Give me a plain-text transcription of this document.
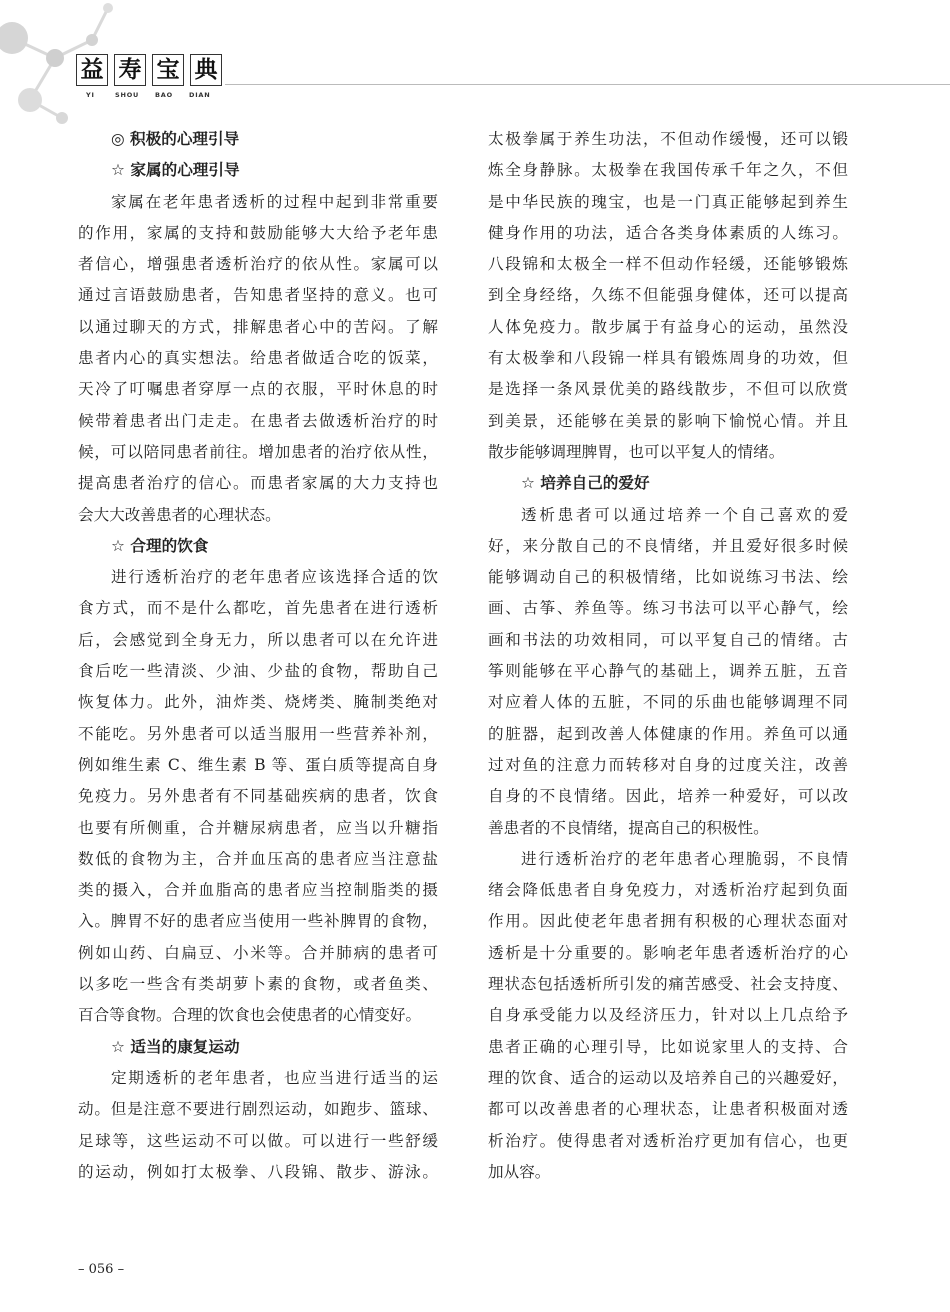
益 寿 宝 典
YI	SHOU BAO DIAN
◎ 积极的心理引导
☆ 家属的心理引导
家属在老年患者透析的过程中起到非常重要
的作用，家属的支持和鼓励能够大大给予老年患
者信心，增强患者透析治疗的依从性。家属可以
通过言语鼓励患者，告知患者坚持的意义。也可
以通过聊天的方式，排解患者心中的苦闷。了解
患者内心的真实想法。给患者做适合吃的饭菜，
天冷了叮嘱患者穿厚一点的衣服，平时休息的时
候带着患者出门走走。在患者去做透析治疗的时
候，可以陪同患者前往。增加患者的治疗依从性，
提高患者治疗的信心。而患者家属的大力支持也
会大大改善患者的心理状态。
☆ 合理的饮食
进行透析治疗的老年患者应该选择合适的饮
食方式，而不是什么都吃，首先患者在进行透析
后，会感觉到全身无力，所以患者可以在允许进
食后吃一些清淡、少油、少盐的食物，帮助自己
恢复体力。此外，油炸类、烧烤类、腌制类绝对
不能吃。另外患者可以适当服用一些营养补剂，
例如维生素 C、维生素 B 等、蛋白质等提高自身
免疫力。另外患者有不同基础疾病的患者，饮食
也要有所侧重，合并糖尿病患者，应当以升糖指
数低的食物为主，合并血压高的患者应当注意盐
类的摄入，合并血脂高的患者应当控制脂类的摄
入。脾胃不好的患者应当使用一些补脾胃的食物，
例如山药、白扁豆、小米等。合并肺病的患者可
以多吃一些含有类胡萝卜素的食物，或者鱼类、
百合等食物。合理的饮食也会使患者的心情变好。
☆ 适当的康复运动
定期透析的老年患者，也应当进行适当的运
动。但是注意不要进行剧烈运动，如跑步、篮球、
足球等，这些运动不可以做。可以进行一些舒缓
的运动，例如打太极拳、八段锦、散步、游泳。
太极拳属于养生功法，不但动作缓慢，还可以锻
炼全身静脉。太极拳在我国传承千年之久，不但
是中华民族的瑰宝，也是一门真正能够起到养生
健身作用的功法，适合各类身体素质的人练习。
八段锦和太极全一样不但动作轻缓，还能够锻炼
到全身经络，久练不但能强身健体，还可以提高
人体免疫力。散步属于有益身心的运动，虽然没
有太极拳和八段锦一样具有锻炼周身的功效，但
是选择一条风景优美的路线散步，不但可以欣赏
到美景，还能够在美景的影响下愉悦心情。并且
散步能够调理脾胃，也可以平复人的情绪。
☆ 培养自己的爱好
透析患者可以通过培养一个自己喜欢的爱
好，来分散自己的不良情绪，并且爱好很多时候
能够调动自己的积极情绪，比如说练习书法、绘
画、古筝、养鱼等。练习书法可以平心静气，绘
画和书法的功效相同，可以平复自己的情绪。古
筝则能够在平心静气的基础上，调养五脏，五音
对应着人体的五脏，不同的乐曲也能够调理不同
的脏器，起到改善人体健康的作用。养鱼可以通
过对鱼的注意力而转移对自身的过度关注，改善
自身的不良情绪。因此，培养一种爱好，可以改
善患者的不良情绪，提高自己的积极性。
进行透析治疗的老年患者心理脆弱，不良情
绪会降低患者自身免疫力，对透析治疗起到负面
作用。因此使老年患者拥有积极的心理状态面对
透析是十分重要的。影响老年患者透析治疗的心
理状态包括透析所引发的痛苦感受、社会支持度、
自身承受能力以及经济压力，针对以上几点给予
患者正确的心理引导，比如说家里人的支持、合
理的饮食、适合的运动以及培养自己的兴趣爱好，
都可以改善患者的心理状态，让患者积极面对透
析治疗。使得患者对透析治疗更加有信心，也更
加从容。
– 056 –
